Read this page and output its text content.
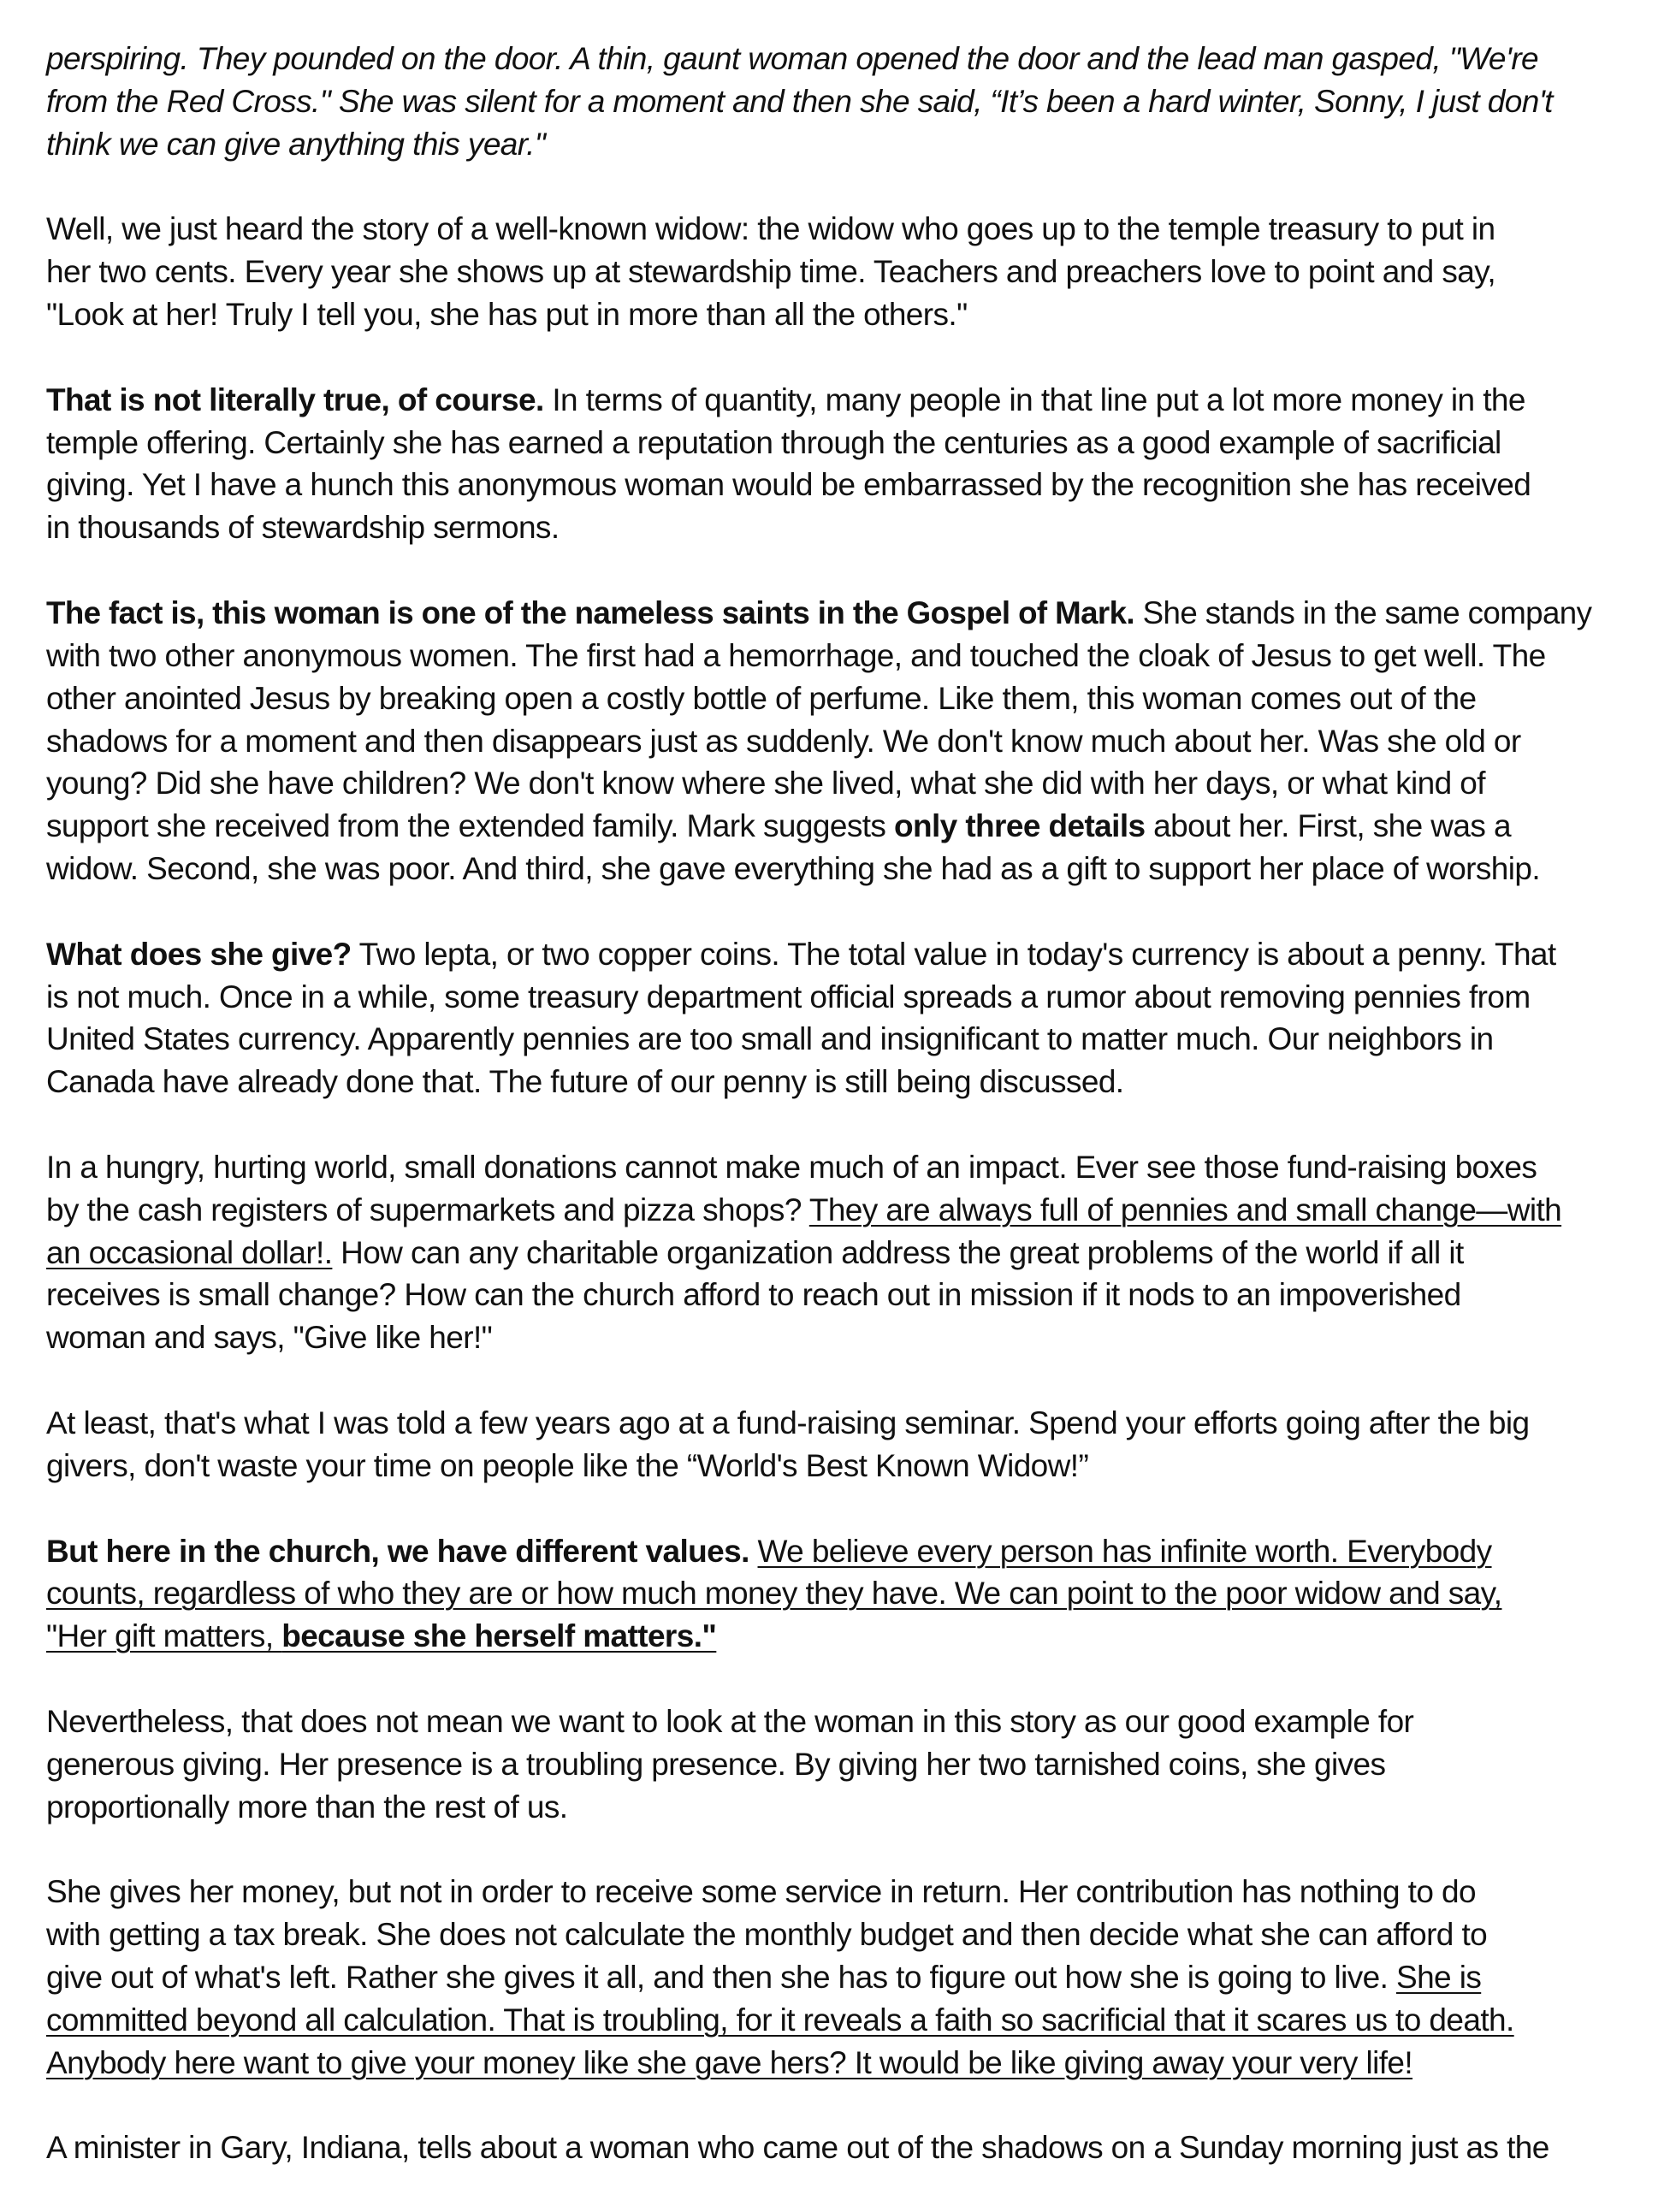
perspiring. They pounded on the door. A thin, gaunt woman opened the door and the lead man gasped, "We're
from the Red Cross." She was silent for a moment and then she said, “It’s been a hard winter, Sonny, I just don't
think we can give anything this year."
Well, we just heard the story of a well-known widow: the widow who goes up to the temple treasury to put in
her two cents. Every year she shows up at stewardship time. Teachers and preachers love to point and say,
"Look at her! Truly I tell you, she has put in more than all the others."
That is not literally true, of course. In terms of quantity, many people in that line put a lot more money in the
temple offering. Certainly she has earned a reputation through the centuries as a good example of sacrificial
giving. Yet I have a hunch this anonymous woman would be embarrassed by the recognition she has received
in thousands of stewardship sermons.
The fact is, this woman is one of the nameless saints in the Gospel of Mark. She stands in the same company
with two other anonymous women. The first had a hemorrhage, and touched the cloak of Jesus to get well. The
other anointed Jesus by breaking open a costly bottle of perfume. Like them, this woman comes out of the
shadows for a moment and then disappears just as suddenly. We don't know much about her. Was she old or
young? Did she have children? We don't know where she lived, what she did with her days, or what kind of
support she received from the extended family. Mark suggests only three details about her. First, she was a
widow. Second, she was poor. And third, she gave everything she had as a gift to support her place of worship.
What does she give? Two lepta, or two copper coins. The total value in today's currency is about a penny. That
is not much. Once in a while, some treasury department official spreads a rumor about removing pennies from
United States currency. Apparently pennies are too small and insignificant to matter much. Our neighbors in
Canada have already done that. The future of our penny is still being discussed.
In a hungry, hurting world, small donations cannot make much of an impact. Ever see those fund-raising boxes
by the cash registers of supermarkets and pizza shops? They are always full of pennies and small change—with
an occasional dollar!. How can any charitable organization address the great problems of the world if all it
receives is small change? How can the church afford to reach out in mission if it nods to an impoverished
woman and says, "Give like her!"
At least, that's what I was told a few years ago at a fund-raising seminar. Spend your efforts going after the big
givers, don't waste your time on people like the “World's Best Known Widow!”
But here in the church, we have different values. We believe every person has infinite worth. Everybody
counts, regardless of who they are or how much money they have. We can point to the poor widow and say,
"Her gift matters, because she herself matters."
Nevertheless, that does not mean we want to look at the woman in this story as our good example for
generous giving. Her presence is a troubling presence. By giving her two tarnished coins, she gives
proportionally more than the rest of us.
She gives her money, but not in order to receive some service in return. Her contribution has nothing to do
with getting a tax break. She does not calculate the monthly budget and then decide what she can afford to
give out of what's left. Rather she gives it all, and then she has to figure out how she is going to live. She is
committed beyond all calculation. That is troubling, for it reveals a faith so sacrificial that it scares us to death.
Anybody here want to give your money like she gave hers? It would be like giving away your very life!
A minister in Gary, Indiana, tells about a woman who came out of the shadows on a Sunday morning just as the
